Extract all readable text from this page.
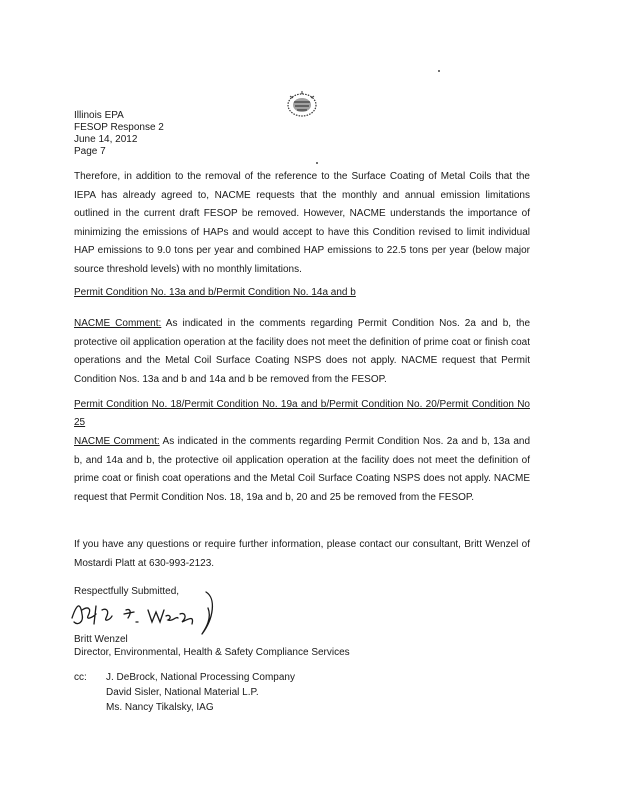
Illinois EPA
FESOP Response 2
June 14, 2012
Page 7
Therefore, in addition to the removal of the reference to the Surface Coating of Metal Coils that the IEPA has already agreed to, NACME requests that the monthly and annual emission limitations outlined in the current draft FESOP be removed. However, NACME understands the importance of minimizing the emissions of HAPs and would accept to have this Condition revised to limit individual HAP emissions to 9.0 tons per year and combined HAP emissions to 22.5 tons per year (below major source threshold levels) with no monthly limitations.
Permit Condition No. 13a and b/Permit Condition No. 14a and b
NACME Comment: As indicated in the comments regarding Permit Condition Nos. 2a and b, the protective oil application operation at the facility does not meet the definition of prime coat or finish coat operations and the Metal Coil Surface Coating NSPS does not apply. NACME request that Permit Condition Nos. 13a and b and 14a and b be removed from the FESOP.
Permit Condition No. 18/Permit Condition No. 19a and b/Permit Condition No. 20/Permit Condition No 25
NACME Comment: As indicated in the comments regarding Permit Condition Nos. 2a and b, 13a and b, and 14a and b, the protective oil application operation at the facility does not meet the definition of prime coat or finish coat operations and the Metal Coil Surface Coating NSPS does not apply. NACME request that Permit Condition Nos. 18, 19a and b, 20 and 25 be removed from the FESOP.
If you have any questions or require further information, please contact our consultant, Britt Wenzel of Mostardi Platt at 630-993-2123.
Respectfully Submitted,
Britt Wenzel
Director, Environmental, Health & Safety Compliance Services
cc: J. DeBrock, National Processing Company
David Sisler, National Material L.P.
Ms. Nancy Tikalsky, IAG
